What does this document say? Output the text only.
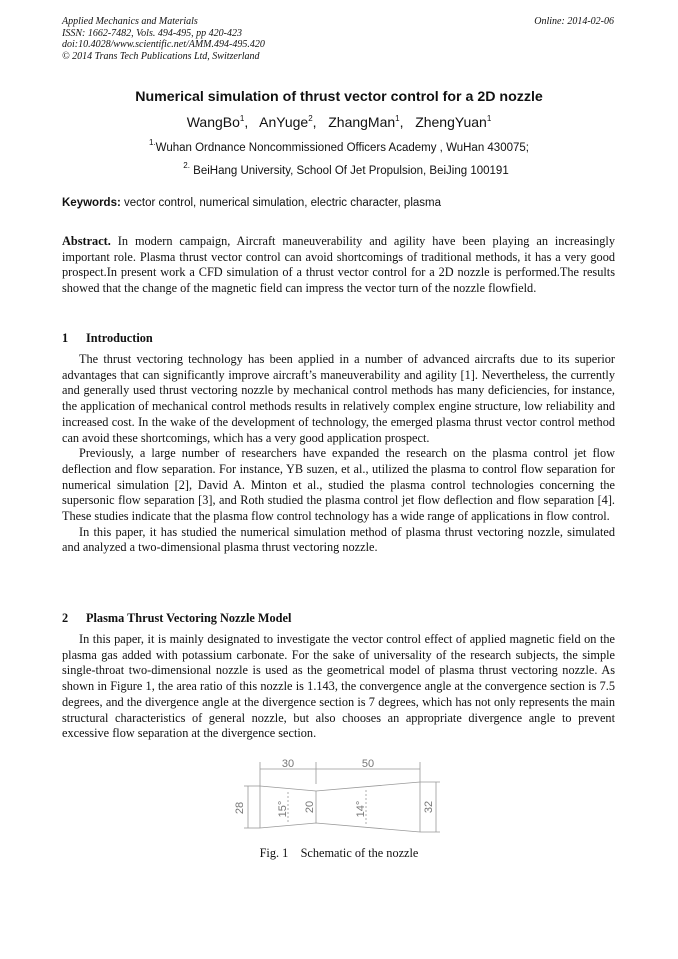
Applied Mechanics and Materials
ISSN: 1662-7482, Vols. 494-495, pp 420-423
doi:10.4028/www.scientific.net/AMM.494-495.420
© 2014 Trans Tech Publications Ltd, Switzerland
Online: 2014-02-06
Numerical simulation of thrust vector control for a 2D nozzle
WangBo$^1$,   AnYuge$^2$,   ZhangMan$^1$,   ZhengYuan$^1$
$^{1.}$Wuhan Ordnance Noncommissioned Officers Academy , WuHan 430075;
$^{2.}$ BeiHang University, School Of Jet Propulsion, BeiJing 100191
Keywords: vector control, numerical simulation, electric character, plasma
Abstract. In modern campaign, Aircraft maneuverability and agility have been playing an increasingly important role. Plasma thrust vector control can avoid shortcomings of traditional methods, it has a very good prospect.In present work a CFD simulation of a thrust vector control for a 2D nozzle is performed.The results showed that the change of the magnetic field can impress the vector turn of the nozzle flowfield.
1 Introduction

The thrust vectoring technology has been applied in a number of advanced aircrafts due to its superior advantages that can significantly improve aircraft’s maneuverability and agility [1]. Nevertheless, the currently and generally used thrust vectoring nozzle by mechanical control methods has many deficiencies, for instance, the application of mechanical control methods results in relatively complex engine structure, low reliability and increased cost. In the wake of the development of technology, the emerged plasma thrust vector control method can avoid these shortcomings, which has a very good application prospect.

Previously, a large number of researchers have expanded the research on the plasma control jet flow deflection and flow separation. For instance, YB suzen, et al., utilized the plasma to control flow separation for numerical simulation [2], David A. Minton et al., studied the plasma control technologies concerning the supersonic flow separation [3], and Roth studied the plasma control jet flow deflection and flow separation [4]. These studies indicate that the plasma flow control technology has a wide range of applications in flow control.

In this paper, it has studied the numerical simulation method of plasma thrust vectoring nozzle, simulated and analyzed a two-dimensional plasma thrust vectoring nozzle.

2 Plasma Thrust Vectoring Nozzle Model

In this paper, it is mainly designated to investigate the vector control effect of applied magnetic field on the plasma gas added with potassium carbonate. For the sake of universality of the research subjects, the simple single-throat two-dimensional nozzle is used as the geometrical model of plasma thrust vectoring nozzle. As shown in Figure 1, the area ratio of this nozzle is 1.143, the convergence angle at the convergence section is 7.5 degrees, and the divergence angle at the divergence section is 7 degrees, which has not only represents the main structural characteristics of general nozzle, but also chooses an appropriate divergence angle to prevent excessive flow separation at the divergence section.

30	50
28	15° 20	14°	32
Fig. 1    Schematic of the nozzle
